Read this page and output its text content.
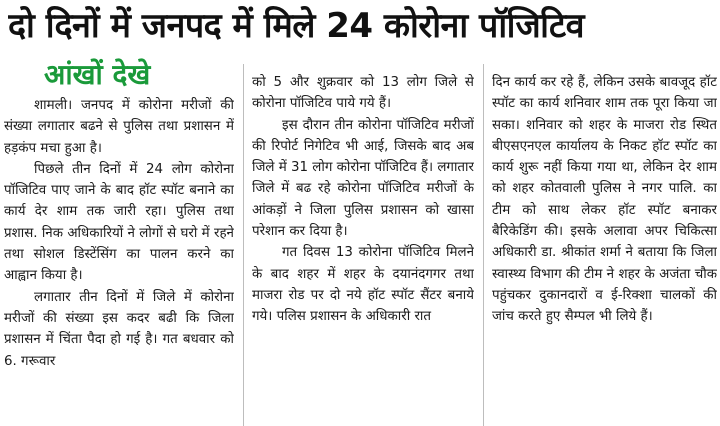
दो दिनों में जनपद में मिले 24 कोरोना पॉजिटिव
आंखों देखे

शामली। जनपद में कोरोना मरीजों की संख्या लगातार बढने से पुलिस तथा प्रशासन में हड़कंप मचा हुआ है।

पिछले तीन दिनों में 24 लोग कोरोना पॉजिटिव पाए जाने के बाद हॉट स्पॉट बनाने का कार्य देर शाम तक जारी रहा। पुलिस तथा प्रशास. निक अधिकारियों ने लोगों से घरो में रहने तथा सोशल डिस्टेंसिंग का पालन करने का आह्वान किया है।

लगातार तीन दिनों में जिले में कोरोना मरीजों की संख्या इस कदर बढी कि जिला प्रशासन में चिंता पैदा हो गई है। गत बधवार को 6. गरूवार

को 5 और शुक्रवार को 13 लोग जिले से कोरोना पॉजिटिव पाये गये हैं।

इस दौरान तीन कोरोना पॉजिटिव मरीजों की रिपोर्ट निगेटिव भी आई, जिसके बाद अब जिले में 31 लोग कोरोना पॉजिटिव हैं। लगातार जिले में बढ रहे कोरोना पॉजिटिव मरीजों के आंकड़ों ने जिला पुलिस प्रशासन को खासा परेशान कर दिया है।

गत दिवस 13 कोरोना पॉजिटिव मिलने के बाद शहर में शहर के दयानंदगगर तथा माजरा रोड पर दो नये हॉट स्पॉट सैंटर बनाये गये। पलिस प्रशासन के अधिकारी रात

दिन कार्य कर रहे हैं, लेकिन उसके बावजूद हॉट स्पॉट का कार्य शनिवार शाम तक पूरा किया जा सका। शनिवार को शहर के माजरा रोड स्थित बीएसएनएल कार्यालय के निकट हॉट स्पॉट का कार्य शुरू नहीं किया गया था, लेकिन देर शाम को शहर कोतवाली पुलिस ने नगर पालि. का टीम को साथ लेकर हॉट स्पॉट बनाकर बैरिकेडिंग की। इसके अलावा अपर चिकित्सा अधिकारी डा. श्रीकांत शर्मा ने बताया कि जिला स्वास्थ्य विभाग की टीम ने शहर के अजंता चौक पहुंचकर दुकानदारों व ई-रिक्शा चालकों की जांच करते हुए सैम्पल भी लिये हैं।
